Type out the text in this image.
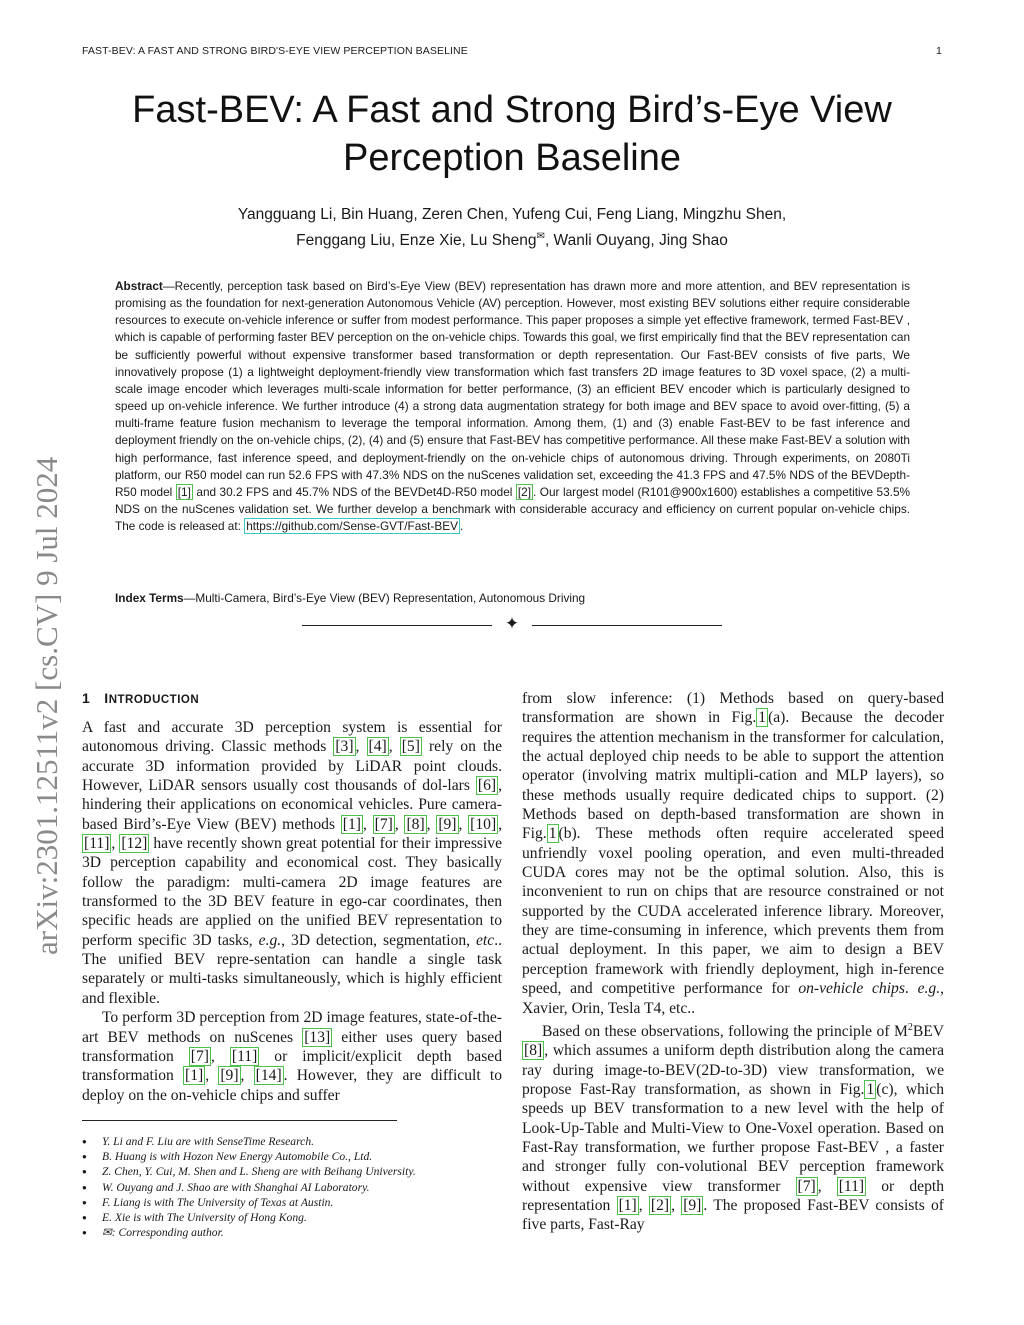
FAST-BEV: A FAST AND STRONG BIRD'S-EYE VIEW PERCEPTION BASELINE	1
arXiv:2301.12511v2 [cs.CV] 9 Jul 2024
Fast-BEV: A Fast and Strong Bird’s-Eye View
Perception Baseline
Yangguang Li, Bin Huang, Zeren Chen, Yufeng Cui, Feng Liang, Mingzhu Shen,
Fenggang Liu, Enze Xie, Lu Sheng✉, Wanli Ouyang, Jing Shao
Abstract—Recently, perception task based on Bird’s-Eye View (BEV) representation has drawn more and more attention, and BEV representation is promising as the foundation for next-generation Autonomous Vehicle (AV) perception. However, most existing BEV solutions either require considerable resources to execute on-vehicle inference or suffer from modest performance. This paper proposes a simple yet effective framework, termed Fast-BEV , which is capable of performing faster BEV perception on the on-vehicle chips. Towards this goal, we first empirically find that the BEV representation can be sufficiently powerful without expensive transformer based transformation or depth representation. Our Fast-BEV consists of five parts, We innovatively propose (1) a lightweight deployment-friendly view transformation which fast transfers 2D image features to 3D voxel space, (2) a multi-scale image encoder which leverages multi-scale information for better performance, (3) an efficient BEV encoder which is particularly designed to speed up on-vehicle inference. We further introduce (4) a strong data augmentation strategy for both image and BEV space to avoid over-fitting, (5) a multi-frame feature fusion mechanism to leverage the temporal information. Among them, (1) and (3) enable Fast-BEV to be fast inference and deployment friendly on the on-vehicle chips, (2), (4) and (5) ensure that Fast-BEV has competitive performance. All these make Fast-BEV a solution with high performance, fast inference speed, and deployment-friendly on the on-vehicle chips of autonomous driving. Through experiments, on 2080Ti platform, our R50 model can run 52.6 FPS with 47.3% NDS on the nuScenes validation set, exceeding the 41.3 FPS and 47.5% NDS of the BEVDepth-R50 model [1] and 30.2 FPS and 45.7% NDS of the BEVDet4D-R50 model [2] . Our largest model (R101@900x1600) establishes a competitive 53.5% NDS on the nuScenes validation set. We further develop a benchmark with considerable accuracy and efficiency on current popular on-vehicle chips. The code is released at: https://github.com/Sense-GVT/Fast-BEV .
Index Terms—Multi-Camera, Bird’s-Eye View (BEV) Representation, Autonomous Driving
✦
1 INTRODUCTION

A fast and accurate 3D perception system is essential for autonomous driving. Classic methods [3] , [4] , [5] rely on the accurate 3D information provided by LiDAR point clouds. However, LiDAR sensors usually cost thousands of dol-lars [6] , hindering their applications on economical vehicles. Pure camera-based Bird’s-Eye View (BEV) methods [1] , [7] , [8] , [9] , [10] , [11] , [12] have recently shown great potential for their impressive 3D perception capability and economical cost. They basically follow the paradigm: multi-camera 2D image features are transformed to the 3D BEV feature in ego-car coordinates, then specific heads are applied on the unified BEV representation to perform specific 3D tasks, e.g., 3D detection, segmentation, etc.. The unified BEV repre-sentation can handle a single task separately or multi-tasks simultaneously, which is highly efficient and flexible.

To perform 3D perception from 2D image features, state-of-the-art BEV methods on nuScenes [13] either uses query based transformation [7] , [11] or implicit/explicit depth based transformation [1] , [9] , [14] . However, they are difficult to deploy on the on-vehicle chips and suffer

● Y. Li and F. Liu are with SenseTime Research.
● B. Huang is with Hozon New Energy Automobile Co., Ltd.
● Z. Chen, Y. Cui, M. Shen and L. Sheng are with Beihang University.
● W. Ouyang and J. Shao are with Shanghai AI Laboratory.
● F. Liang is with The University of Texas at Austin.
● E. Xie is with The University of Hong Kong.
● ✉: Corresponding author.

from slow inference: (1) Methods based on query-based transformation are shown in Fig. 1 (a). Because the decoder requires the attention mechanism in the transformer for calculation, the actual deployed chip needs to be able to support the attention operator (involving matrix multipli-cation and MLP layers), so these methods usually require dedicated chips to support. (2) Methods based on depth-based transformation are shown in Fig. 1 (b). These methods often require accelerated speed unfriendly voxel pooling operation, and even multi-threaded CUDA cores may not be the optimal solution. Also, this is inconvenient to run on chips that are resource constrained or not supported by the CUDA accelerated inference library. Moreover, they are time-consuming in inference, which prevents them from actual deployment. In this paper, we aim to design a BEV perception framework with friendly deployment, high in-ference speed, and competitive performance for on-vehicle chips. e.g., Xavier, Orin, Tesla T4, etc..

Based on these observations, following the principle of $M^2BEV$ [8] , which assumes a uniform depth distribution along the camera ray during image-to-BEV(2D-to-3D) view transformation, we propose Fast-Ray transformation, as shown in Fig. 1 (c), which speeds up BEV transformation to a new level with the help of Look-Up-Table and Multi-View to One-Voxel operation. Based on Fast-Ray transformation, we further propose Fast-BEV , a faster and stronger fully con-volutional BEV perception framework without expensive view transformer [7] , [11] or depth representation [1] , [2] , [9] . The proposed Fast-BEV consists of five parts, Fast-Ray
